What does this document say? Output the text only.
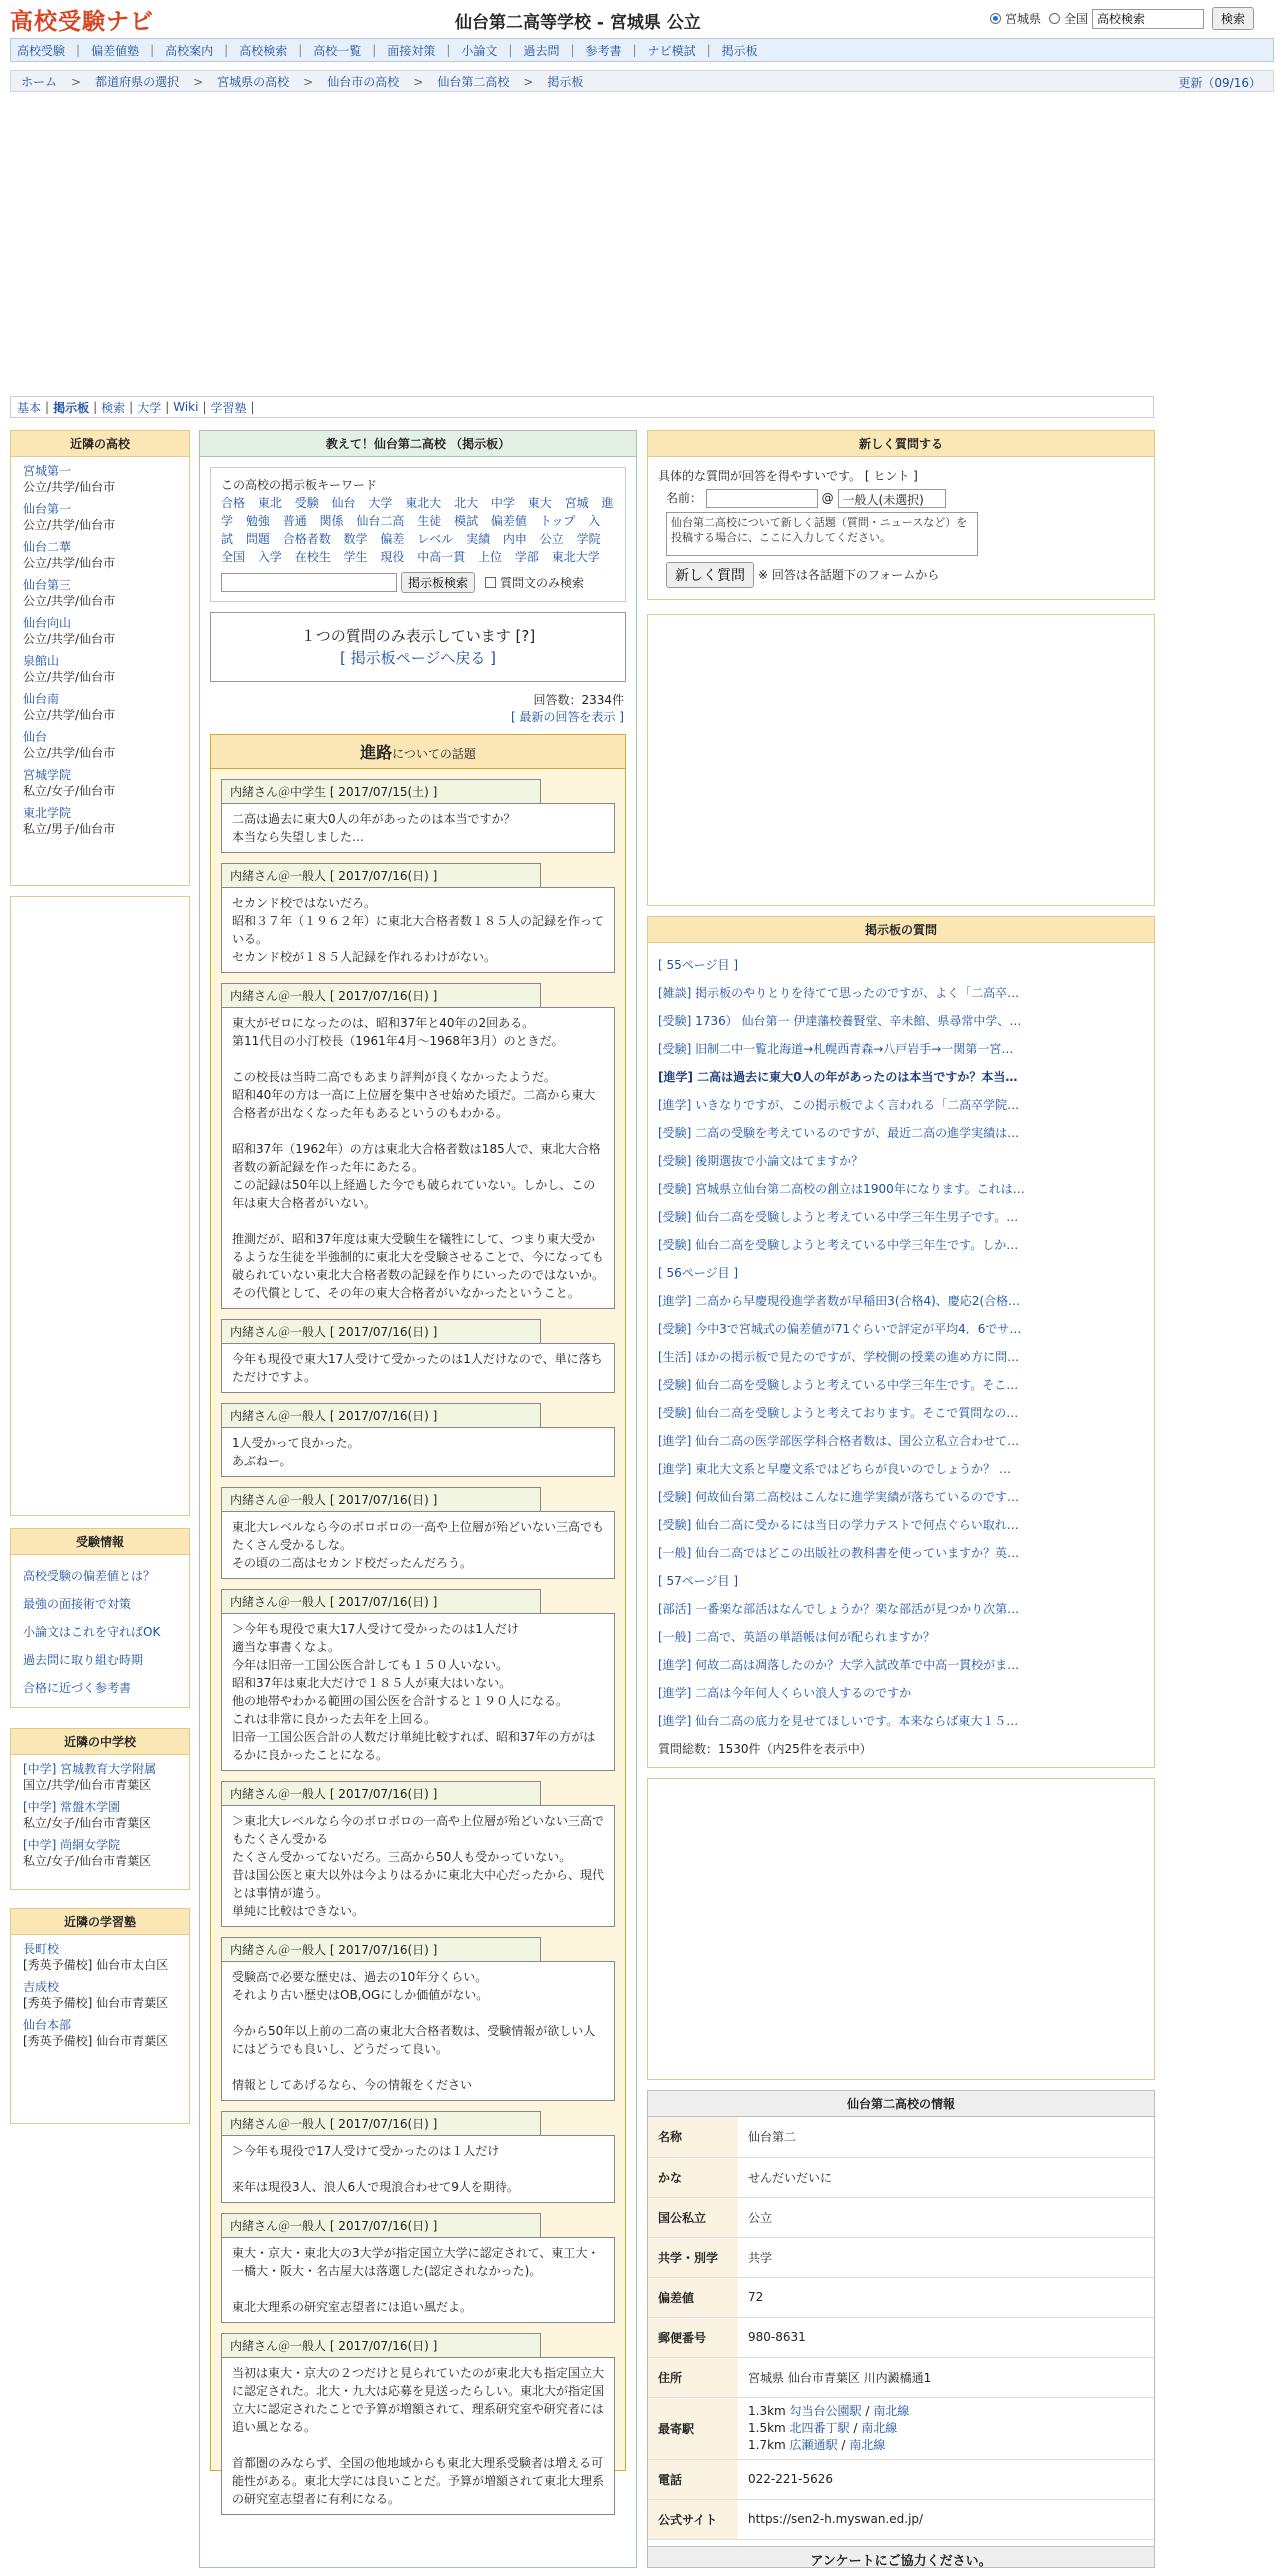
高校受験ナビ	仙台第二高等学校 - 宮城県 公立	宮城県 全国
高校検索	検索
高校受験 | 偏差値塾 | 高校案内 | 高校検索 | 高校一覧 | 面接対策 | 小論文 | 過去問 | 参考書 | ナビ模試 | 掲示板
ホーム > 都道府県の選択 > 宮城県の高校 > 仙台市の高校 > 仙台第二高校 > 掲示板	更新（09/16）
基本 | 掲示板 | 検索 | 大学 | Wiki | 学習塾 |
近隣の高校
宮城第一
公立/共学/仙台市
仙台第一
公立/共学/仙台市
仙台二華
公立/共学/仙台市
仙台第三
公立/共学/仙台市
仙台向山
公立/共学/仙台市
泉館山
公立/共学/仙台市
仙台南
公立/共学/仙台市
仙台
公立/共学/仙台市
宮城学院
私立/女子/仙台市
東北学院
私立/男子/仙台市
受験情報
高校受験の偏差値とは？
最強の面接術で対策
小論文はこれを守ればOK
過去問に取り組む時期
合格に近づく参考書
近隣の中学校
[中学] 宮城教育大学附属
国立/共学/仙台市青葉区
[中学] 常盤木学園
私立/女子/仙台市青葉区
[中学] 尚絅女学院
私立/女子/仙台市青葉区
近隣の学習塾
長町校
[秀英予備校] 仙台市太白区
吉成校
[秀英予備校] 仙台市青葉区
仙台本部
[秀英予備校] 仙台市青葉区
教えて！仙台第二高校 （掲示板）
この高校の掲示板キーワード
合格 東北 受験 仙台 大学 東北大 北大 中学 東大 宮城 進学 勉強 普通 関係 仙台二高 生徒 模試 偏差値 トップ 入試 問題 合格者数 数学 偏差 レベル 実績 内申 公立 学院 全国 入学 在校生 学生 現役 中高一貫 上位 学部 東北大学
掲示板検索	質問文のみ検索
１つの質問のみ表示しています [?]
[ 掲示板ページへ戻る ]
回答数：2334件
[ 最新の回答を表示 ]
進路についての話題
内緒さん＠中学生 [ 2017/07/15(土) ]
二高は過去に東大0人の年があったのは本当ですか？
本当なら失望しました…
内緒さん＠一般人 [ 2017/07/16(日) ]
セカンド校ではないだろ。
昭和３７年（１９６２年）に東北大合格者数１８５人の記録を作っている。
セカンド校が１８５人記録を作れるわけがない。
内緒さん＠一般人 [ 2017/07/16(日) ]
東大がゼロになったのは、昭和37年と40年の2回ある。
第11代目の小汀校長（1961年4月～1968年3月）のときだ。

この校長は当時二高でもあまり評判が良くなかったようだ。
昭和40年の方は一高に上位層を集中させ始めた頃だ。二高から東大合格者が出なくなった年もあるというのもわかる。

昭和37年（1962年）の方は東北大合格者数は185人で、東北大合格者数の新記録を作った年にあたる。
この記録は50年以上経過した今でも破られていない。しかし、この年は東大合格者がいない。

推測だが、昭和37年度は東大受験生を犠牲にして、つまり東大受かるような生徒を半強制的に東北大を受験させることで、今になっても破られていない東北大合格者数の記録を作りにいったのではないか。
その代償として、その年の東大合格者がいなかったということ。
内緒さん＠一般人 [ 2017/07/16(日) ]
今年も現役で東大17人受けて受かったのは1人だけなので、単に落ちただけですよ。
内緒さん＠一般人 [ 2017/07/16(日) ]
1人受かって良かった。
あぶねー。
内緒さん＠一般人 [ 2017/07/16(日) ]
東北大レベルなら今のボロボロの一高や上位層が殆どいない三高でもたくさん受かるしな。
その頃の二高はセカンド校だったんだろう。
内緒さん＠一般人 [ 2017/07/16(日) ]
＞今年も現役で東大17人受けて受かったのは1人だけ
適当な事書くなよ。
今年は旧帝一工国公医合計しても１５０人いない。
昭和37年は東北大だけで１８５人が東大はいない。
他の地帯やわかる範囲の国公医を合計すると１９０人になる。
これは非常に良かった去年を上回る。
旧帝一工国公医合計の人数だけ単純比較すれば、昭和37年の方がはるかに良かったことになる。
内緒さん＠一般人 [ 2017/07/16(日) ]
＞東北大レベルなら今のボロボロの一高や上位層が殆どいない三高でもたくさん受かる
たくさん受かってないだろ。三高から50人も受かっていない。
昔は国公医と東大以外は今よりはるかに東北大中心だったから、現代とは事情が違う。
単純に比較はできない。
内緒さん＠一般人 [ 2017/07/16(日) ]
受験高で必要な歴史は、過去の10年分くらい。
それより古い歴史はOB,OGにしか価値がない。

今から50年以上前の二高の東北大合格者数は、受験情報が欲しい人にはどうでも良いし、どうだって良い。

情報としてあげるなら、今の情報をください
内緒さん＠一般人 [ 2017/07/16(日) ]
＞今年も現役で17人受けて受かったのは１人だけ

来年は現役3人、浪人6人で現浪合わせて9人を期待。
内緒さん＠一般人 [ 2017/07/16(日) ]
東大・京大・東北大の3大学が指定国立大学に認定されて、東工大・一橋大・阪大・名古屋大は落選した(認定されなかった)。

東北大理系の研究室志望者には追い風だよ。
内緒さん＠一般人 [ 2017/07/16(日) ]
当初は東大・京大の２つだけと見られていたのが東北大も指定国立大に認定された。北大・九大は応募を見送ったらしい。東北大が指定国立大に認定されたことで予算が増額されて、理系研究室や研究者には追い風となる。

首都圏のみならず、全国の他地域からも東北大理系受験者は増える可能性がある。東北大学には良いことだ。予算が増額されて東北大理系の研究室志望者に有利になる。
新しく質問する
具体的な質問が回答を得やすいです。 [ ヒント ]
名前：	@ 一般人(未選択)
仙台第二高校について新しく話題（質問・ニュースなど）を投稿する場合に、ここに入力してください。
新しく質問	※ 回答は各話題下のフォームから
掲示板の質問
[ 55ページ目 ]
[雑談] 掲示板のやりとりを待てて思ったのですが、よく「二高卒…
[受験] 1736） 仙台第一 伊達藩校養賢堂、辛未館、県尋常中学、…
[受験] 旧制二中一覧北海道→札幌西青森→八戸岩手→一関第一宮…
[進学] 二高は過去に東大0人の年があったのは本当ですか？本当…
[進学] いきなりですが、この掲示板でよく言われる「二高卒学院…
[受験] 二高の受験を考えているのですが、最近二高の進学実績は…
[受験] 後期選抜で小論文はてますか？
[受験] 宮城県立仙台第二高校の創立は1900年になります。これは…
[受験] 仙台二高を受験しようと考えている中学三年生男子です。…
[受験] 仙台二高を受験しようと考えている中学三年生です。しか…
[ 56ページ目 ]
[進学] 二高から早慶現役進学者数が早稲田3(合格4)、慶応2(合格…
[受験] 今中3で宮城式の偏差値が71ぐらいで評定が平均4．6でサ…
[生活] ほかの掲示板で見たのですが、学校側の授業の進め方に問…
[受験] 仙台二高を受験しようと考えている中学三年生です。そこ…
[受験] 仙台二高を受験しようと考えております。そこで質問なの…
[進学] 仙台二高の医学部医学科合格者数は、国公立私立合わせて…
[進学] 東北大文系と早慶文系ではどちらが良いのでしょうか？ …
[受験] 何故仙台第二高校はこんなに進学実績が落ちているのです…
[受験] 仙台二高に受かるには当日の学力テストで何点ぐらい取れ…
[一般] 仙台二高ではどこの出版社の教科書を使っていますか？英…
[ 57ページ目 ]
[部活] 一番楽な部活はなんでしょうか？楽な部活が見つかり次第…
[一般] 二高で、英語の単語帳は何が配られますか？
[進学] 何故二高は凋落したのか？大学入試改革で中高一貫校がま…
[進学] 二高は今年何人くらい浪人するのですか
[進学] 仙台二高の底力を見せてほしいです。本来ならば東大１５…
質問総数：1530件（内25件を表示中）
仙台第二高校の情報
名称	仙台第二
かな	せんだいだいに
国公私立	公立
共学・別学	共学
偏差値	72
郵便番号	980-8631
住所	宮城県 仙台市青葉区 川内澱橋通1
最寄駅	1.3km 勾当台公園駅 / 南北線
1.5km 北四番丁駅 / 南北線
1.7km 広瀬通駅 / 南北線

電話	022-221-5626
公式サイト	https://sen2-h.myswan.ed.jp/
アンケートにご協力ください。
